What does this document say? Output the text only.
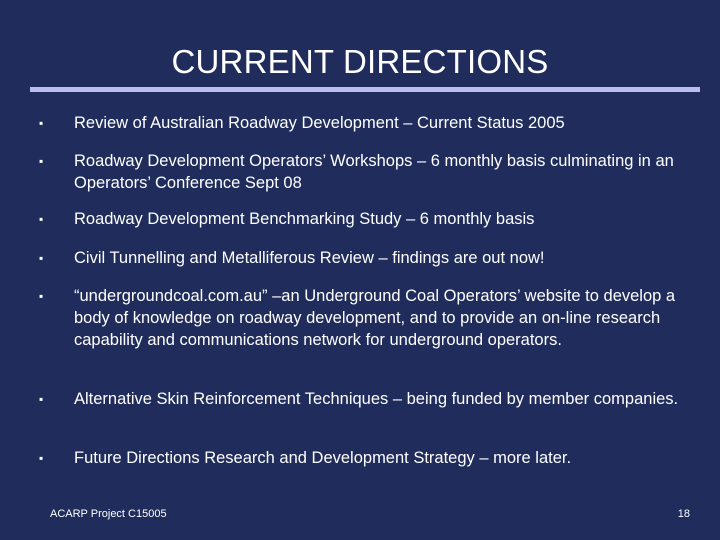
CURRENT DIRECTIONS
▪ Review of Australian Roadway Development – Current Status 2005
▪ Roadway Development Operators’ Workshops – 6 monthly basis culminating in an Operators’ Conference Sept 08
▪ Roadway Development Benchmarking Study – 6 monthly basis
▪ Civil Tunnelling and Metalliferous Review – findings are out now!
▪ “undergroundcoal.com.au” –an Underground Coal Operators’ website to develop a body of knowledge on roadway development, and to provide an on-line research capability and communications network for underground operators.
▪ Alternative Skin Reinforcement Techniques – being funded by member companies.
▪ Future Directions Research and Development Strategy – more later.
ACARP Project C15005	18
